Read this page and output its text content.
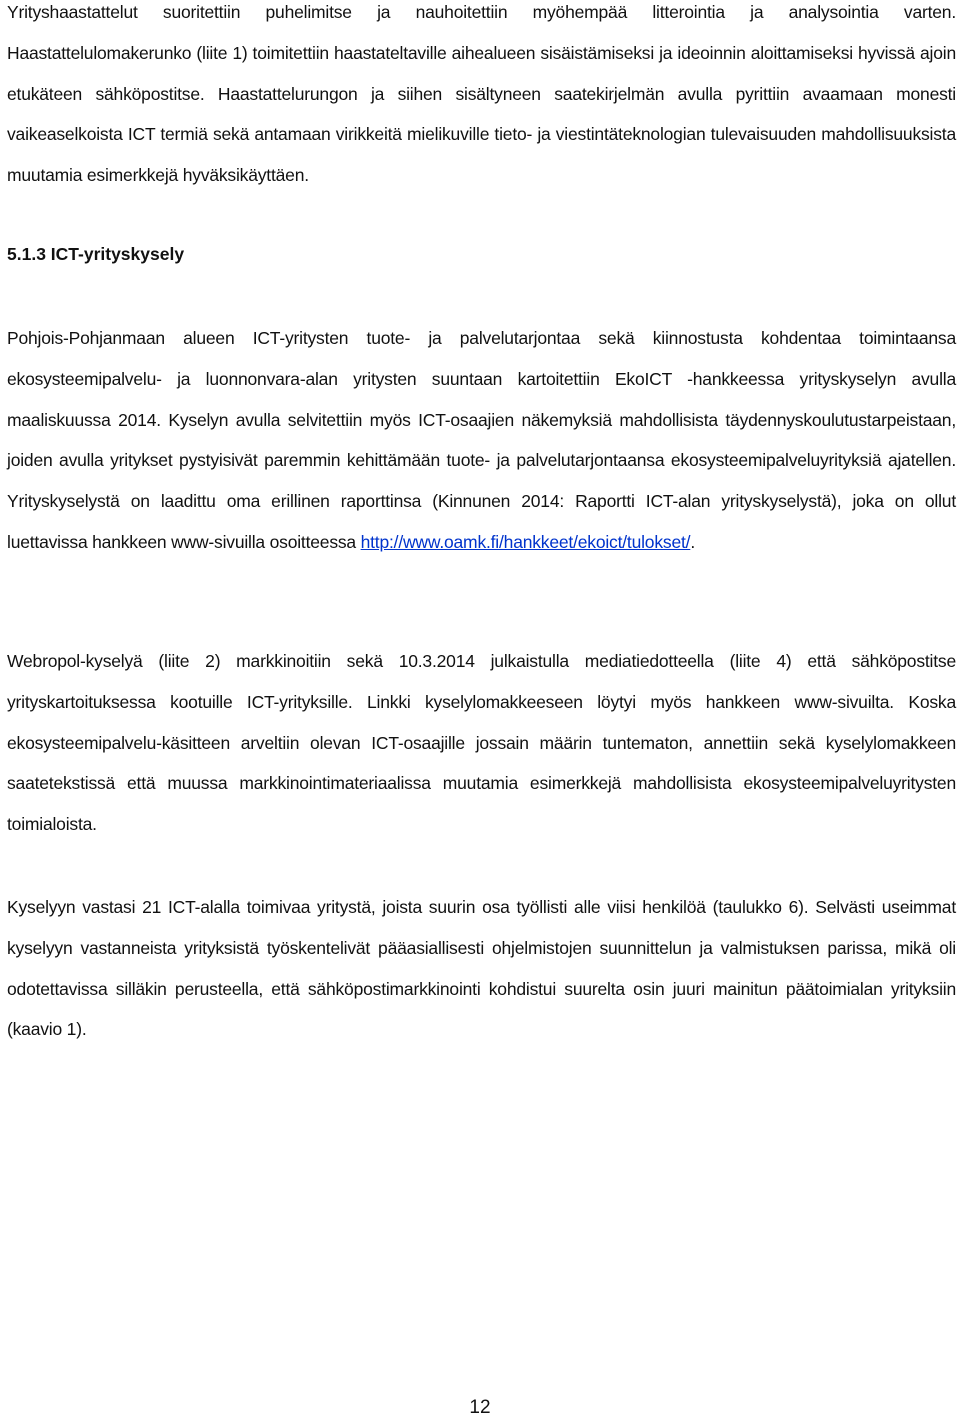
Yrityshaastattelut suoritettiin puhelimitse ja nauhoitettiin myöhempää litterointia ja analysointia varten. Haastattelulomakerunko (liite 1) toimitettiin haastateltaville aihealueen sisäistämiseksi ja ideoinnin aloittamiseksi hyvissä ajoin etukäteen sähköpostitse. Haastattelurungon ja siihen sisältyneen saatekirjelmän avulla pyrittiin avaamaan monesti vaikeaselkoista ICT termiä sekä antamaan virikkeitä mielikuville tieto- ja viestintäteknologian tulevaisuuden mahdollisuuksista muutamia esimerkkejä hyväksikäyttäen.

5.1.3 ICT-yrityskysely

Pohjois-Pohjanmaan alueen ICT-yritysten tuote- ja palvelutarjontaa sekä kiinnostusta kohdentaa toimintaansa ekosysteemipalvelu- ja luonnonvara-alan yritysten suuntaan kartoitettiin EkoICT -hankkeessa yrityskyselyn avulla maaliskuussa 2014. Kyselyn avulla selvitettiin myös ICT-osaajien näkemyksiä mahdollisista täydennyskoulutustarpeistaan, joiden avulla yritykset pystyisivät paremmin kehittämään tuote- ja palvelutarjontaansa ekosysteemipalveluyrityksiä ajatellen. Yrityskyselystä on laadittu oma erillinen raporttinsa (Kinnunen 2014: Raportti ICT-alan yrityskyselystä), joka on ollut luettavissa hankkeen www-sivuilla osoitteessa http://www.oamk.fi/hankkeet/ekoict/tulokset/.

Webropol-kyselyä (liite 2) markkinoitiin sekä 10.3.2014 julkaistulla mediatiedotteella (liite 4) että sähköpostitse yrityskartoituksessa kootuille ICT-yrityksille. Linkki kyselylomakkeeseen löytyi myös hankkeen www-sivuilta. Koska ekosysteemipalvelu-käsitteen arveltiin olevan ICT-osaajille jossain määrin tuntematon, annettiin sekä kyselylomakkeen saatetekstissä että muussa markkinointimateriaalissa muutamia esimerkkejä mahdollisista ekosysteemipalveluyritysten toimialoista.

Kyselyyn vastasi 21 ICT-alalla toimivaa yritystä, joista suurin osa työllisti alle viisi henkilöä (taulukko 6). Selvästi useimmat kyselyyn vastanneista yrityksistä työskentelivät pääasiallisesti ohjelmistojen suunnittelun ja valmistuksen parissa, mikä oli odotettavissa silläkin perusteella, että sähköpostimarkkinointi kohdistui suurelta osin juuri mainitun päätoimialan yrityksiin (kaavio 1).

12
